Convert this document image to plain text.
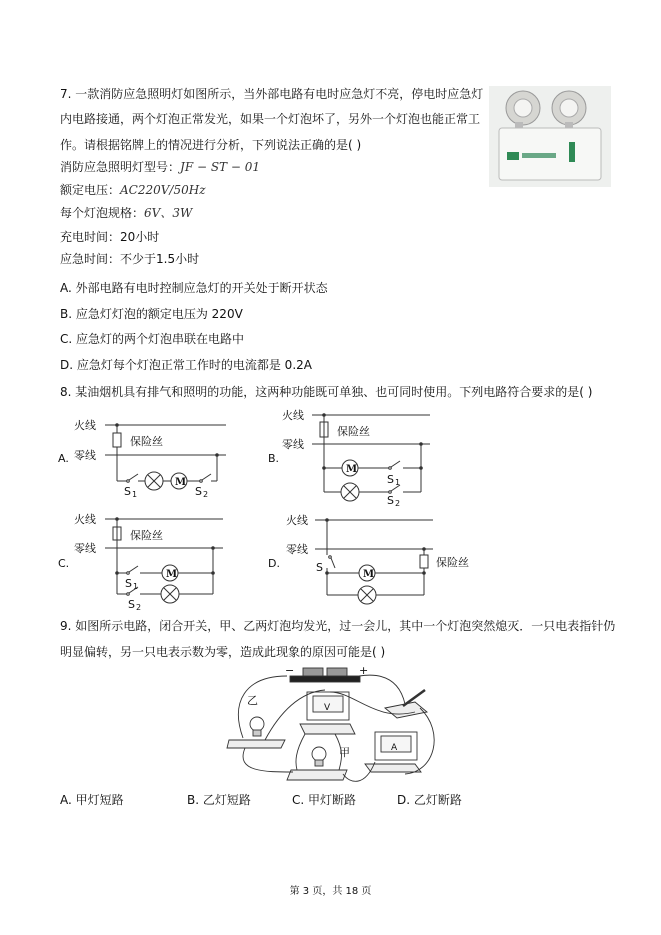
7. 一款消防应急照明灯如图所示，当外部电路有电时应急灯不亮，停电时应急灯
内电路接通，两个灯泡正常发光，如果一个灯泡坏了，另外一个灯泡也能正常工
作。请根据铭牌上的情况进行分析，下列说法正确的是( )
消防应急照明灯型号：JF − ST − 01
额定电压：AC220V/50Hz
每个灯泡规格：6V、3W
充电时间：20小时
应急时间：不少于1.5小时
A. 外部电路有电时控制应急灯的开关处于断开状态
B. 应急灯灯泡的额定电压为 220V
C. 应急灯的两个灯泡串联在电路中
D. 应急灯每个灯泡正常工作时的电流都是 0.2A
8. 某油烟机具有排气和照明的功能，这两种功能既可单独、也可同时使用。下列电路符合要求的是( )
A.
火线
零线
保险丝
M
S 1	S 2
B.
火线
零线
保险丝
M
S 1
S 2
C.
火线
零线
保险丝
M
S 1
S 2
D.
火线
零线
S
M
保险丝
9. 如图所示电路，闭合开关，甲、乙两灯泡均发光，过一会儿，其中一个灯泡突然熄灭．一只电表指针仍
明显偏转，另一只电表示数为零，造成此现象的原因可能是( )
−	+
V
A
乙
甲
A. 甲灯短路	B. 乙灯短路	C. 甲灯断路	D. 乙灯断路
第 3 页，共 18 页
